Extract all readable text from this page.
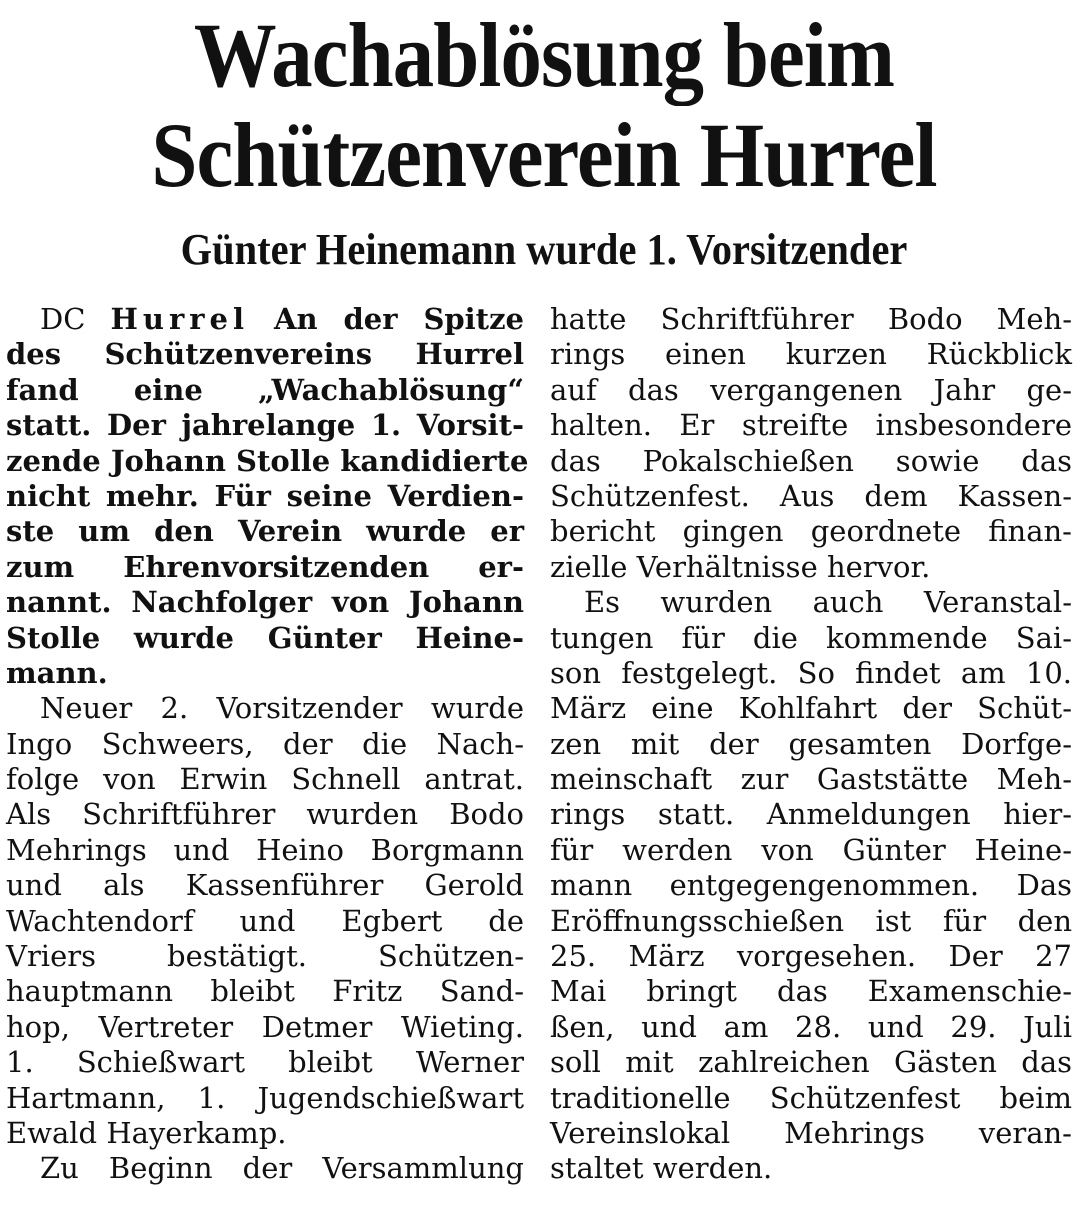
Wachablösung beim
Schützenverein Hurrel
Günter Heinemann wurde 1. Vorsitzender
DC Hurrel An der Spitze
des Schützenvereins Hurrel
fand eine „Wachablösung“
statt. Der jahrelange 1. Vorsit-
zende Johann Stolle kandidierte
nicht mehr. Für seine Verdien-
ste um den Verein wurde er
zum Ehrenvorsitzenden er-
nannt. Nachfolger von Johann
Stolle wurde Günter Heine-
mann.
Neuer 2. Vorsitzender wurde
Ingo Schweers, der die Nach-
folge von Erwin Schnell antrat.
Als Schriftführer wurden Bodo
Mehrings und Heino Borgmann
und als Kassenführer Gerold
Wachtendorf und Egbert de
Vriers bestätigt. Schützen-
hauptmann bleibt Fritz Sand-
hop, Vertreter Detmer Wieting.
1. Schießwart bleibt Werner
Hartmann, 1. Jugendschießwart
Ewald Hayerkamp.
Zu Beginn der Versammlung
hatte Schriftführer Bodo Meh-
rings einen kurzen Rückblick
auf das vergangenen Jahr ge-
halten. Er streifte insbesondere
das Pokalschießen sowie das
Schützenfest. Aus dem Kassen-
bericht gingen geordnete finan-
zielle Verhältnisse hervor.
Es wurden auch Veranstal-
tungen für die kommende Sai-
son festgelegt. So findet am 10.
März eine Kohlfahrt der Schüt-
zen mit der gesamten Dorfge-
meinschaft zur Gaststätte Meh-
rings statt. Anmeldungen hier-
für werden von Günter Heine-
mann entgegengenommen. Das
Eröffnungsschießen ist für den
25. März vorgesehen. Der 27
Mai bringt das Examenschie-
ßen, und am 28. und 29. Juli
soll mit zahlreichen Gästen das
traditionelle Schützenfest beim
Vereinslokal Mehrings veran-
staltet werden.
